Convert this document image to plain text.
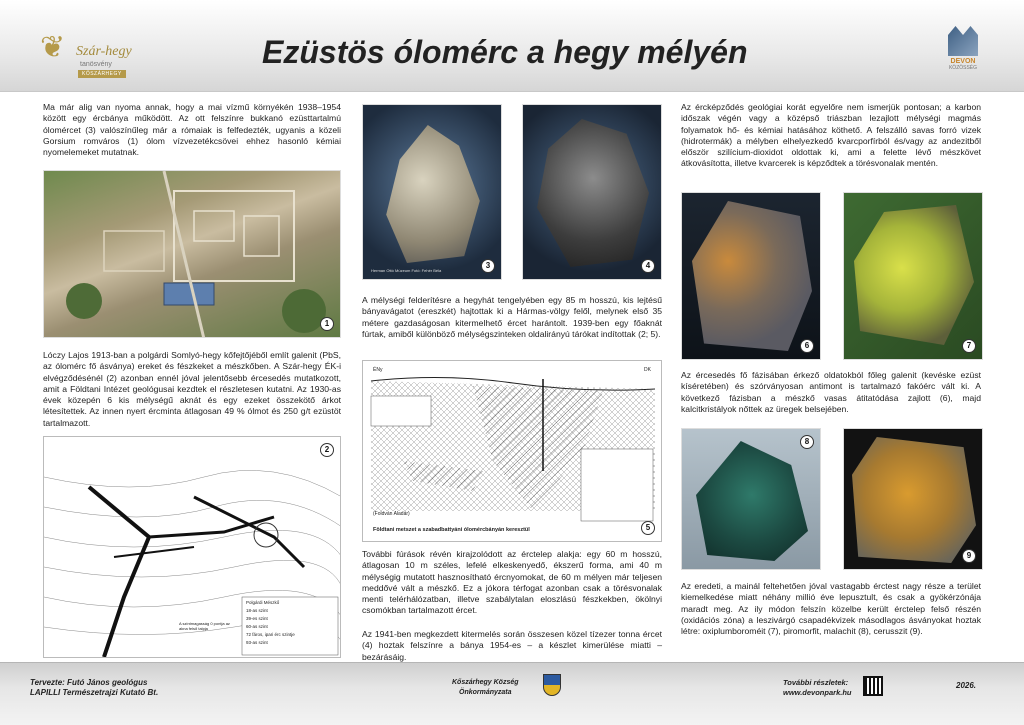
❦ Szár-hegy
tanösvény
KŐSZÁRHEGY
Ezüstös ólomérc a hegy mélyén	DEVON
KÖZÖSSÉG
Ma már alig van nyoma annak, hogy a mai vízmű környékén 1938–1954 között egy ércbánya működött. Az ott felszínre bukkanó ezüsttartalmú ólomércet (3) valószínűleg már a rómaiak is felfedezték, ugyanis a közeli Gorsium romváros (1) ólom vízvezetékcsövei ehhez hasonló kémiai nyomelemeket mutatnak.
1
Lóczy Lajos 1913-ban a polgárdi Somlyó-hegy kőfejtőjéből említ galenit (PbS, az ólomérc fő ásványa) ereket és fészkeket a mészkőben. A Szár-hegy ÉK-i elvégződésénél (2) azonban ennél jóval jelentősebb ércesedés mutatkozott, amit a Földtani Intézet geológusai kezdtek el részletesen kutatni. Az 1930-as évek közepén 6 kis mélységű aknát és egy ezeket összekötő árkot létesítettek. Az innen nyert ércminta átlagosan 49 % ólmot és 250 g/t ezüstöt tartalmazott.
Polgárdi Mészkő
18-as szint
39-es szint
60-as szint
72 fáros, ipari érc szintje
93-as szint
A szintmagasság 0 pontja az akna felső talpja
2
Herman Ottó Múzeum Fotó: Fehér Béla
3	4
A mélységi felderítésre a hegyhát tengelyében egy 85 m hosszú, kis lejtésű bányavágatot (ereszkét) hajtottak ki a Hármas-völgy felől, melynek első 35 métere gazdaságosan kitermelhető ércet harántolt. 1939-ben egy főaknát fúrtak, amiből különböző mélységszinteken oldalirányú tárókat indítottak (2; 5).
ÉNy	DK
(Foldván Aladár)
Földtani metszet a szabadbattyáni ólomércbányán keresztül	5
További fúrások révén kirajzolódott az érctelep alakja: egy 60 m hosszú, átlagosan 10 m széles, lefelé elkeskenyedő, ékszerű forma, ami 40 m mélységig mutatott hasznosítható ércnyomokat, de 60 m mélyen már teljesen meddővé vált a mészkő. Ez a jókora térfogat azonban csak a törésvonalak menti telérhálózatban, illetve szabálytalan eloszlású fészkekben, ökölnyi csomókban tartalmazott ércet.
Az 1941-ben megkezdett kitermelés során összesen közel tízezer tonna ércet (4) hoztak felszínre a bánya 1954-es – a készlet kimerülése miatti – bezárásáig.
Az ércképződés geológiai korát egyelőre nem ismerjük pontosan; a karbon időszak végén vagy a középső triászban lezajlott mélységi magmás folyamatok hő- és kémiai hatásához köthető. A felszálló savas forró vizek (hidrotermák) a mélyben elhelyezkedő kvarcporfírból és/vagy az andezitből először szilícium-dioxidot oldottak ki, ami a felette lévő mészkövet átkovásította, illetve kvarcerek is képződtek a törésvonalak mentén.
6	7
Az ércesedés fő fázisában érkező oldatokból főleg galenit (kevéske ezüst kíséretében) és szórványosan antimont is tartalmazó fakóérc vált ki. A következő fázisban a mészkő vasas átitatódása zajlott (6), majd kalcitkristályok nőttek az üregek belsejében.
8
9
Az eredeti, a mainál feltehetően jóval vastagabb érctest nagy része a terület kiemelkedése miatt néhány millió éve lepusztult, és csak a gyökérzónája maradt meg. Az ily módon felszín közelbe került érctelep felső részén (oxidációs zóna) a leszivárgó csapadékvizek másodlagos ásványokat hoztak létre: oxiplumboroméit (7), piromorfit, malachit (8), cerusszit (9).
Tervezte: Futó János geológus
LAPILLI Természetrajzi Kutató Bt.
Kőszárhegy Község
Önkormányzata
További részletek:
www.devonpark.hu
2026.
